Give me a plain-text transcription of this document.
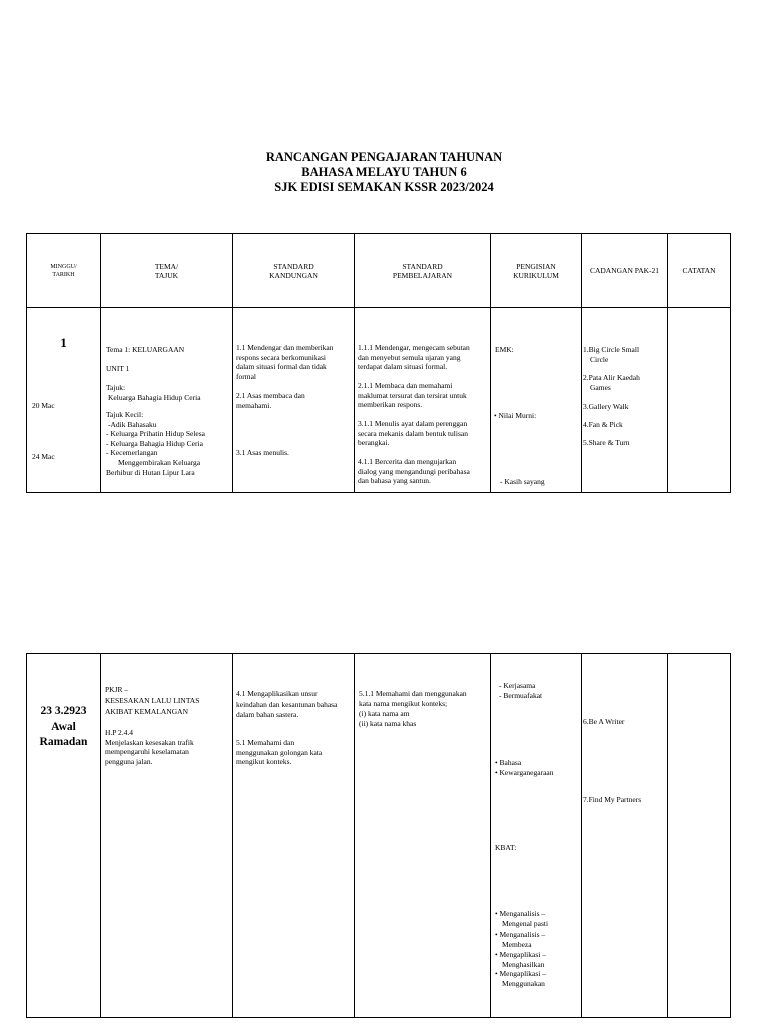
RANCANGAN PENGAJARAN TAHUNAN
BAHASA MELAYU TAHUN 6
SJK EDISI SEMAKAN KSSR 2023/2024
MINGGU/
TARIKH
TEMA/
TAJUK
STANDARD
KANDUNGAN
STANDARD
PEMBELAJARAN
PENGISIAN
KURIKULUM	CADANGAN PAK-21	CATATAN
1
20 Mac
24 Mac
Tema 1: KELUARGAAN
UNIT 1
Tajuk:
Keluarga Bahagia Hidup Ceria
Tajuk Kecil:
-Adik Bahasaku
- Keluarga Prihatin Hidup Selesa
- Keluarga Bahagia Hidup Ceria
- Kecemerlangan
Menggembirakan Keluarga
Berhibur di Hutan Lipur Lara
1.1 Mendengar dan memberikan
respons secara berkomunikasi
dalam situasi formal dan tidak
formal
2.1 Asas membaca dan
memahami.
3.1 Asas menulis.
1.1.1 Mendengar, mengecam sebutan
dan menyebut semula ujaran yang
terdapat dalam situasi formal.
2.1.1 Membaca dan memahami
maklumat tersurat dan tersirat untuk
memberikan respons.
3.1.1 Menulis ayat dalam perenggan
secara mekanis dalam bentuk tulisan
berangkai.
4.1.1 Bercerita dan mengujarkan
dialog yang mengandungi peribahasa
dan bahasa yang santun.
EMK:
• Nilai Murni:
- Kasih sayang
1.Big Circle Small
Circle
2.Pata Alir Kaedah
Games
3.Gallery Walk
4.Fan & Pick
5.Share & Turn
23 3.2923
Awal
Ramadan
PKJR –
KESESAKAN LALU LINTAS
AKIBAT KEMALANGAN
H.P 2.4.4
Menjelaskan kesesakan trafik
mempengaruhi keselamatan
pengguna jalan.
4.1 Mengaplikasikan unsur
keindahan dan kesantunan bahasa
dalam bahan sastera.
5.1 Memahami dan
menggunakan golongan kata
mengikut konteks.
5.1.1 Memahami dan menggunakan
kata nama mengikut konteks;
(i) kata nama am
(ii) kata nama khas
- Kerjasama
- Bermuafakat
• Bahasa
• Kewarganegaraan
KBAT:
• Menganalisis –
Mengenal pasti
• Menganalisis –
Membeza
• Mengaplikasi –
Menghasilkan
• Mengaplikasi –
Menggunakan
6.Be A Writer
7.Find My Partners
